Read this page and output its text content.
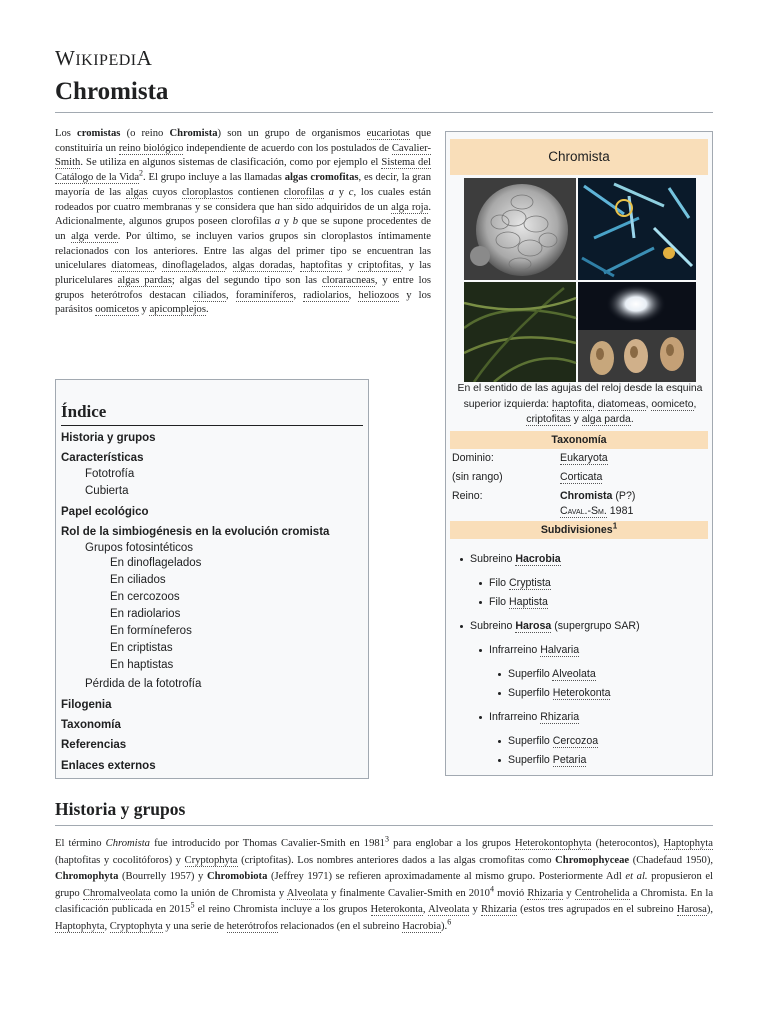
WIKIPEDIA
Chromista

Los cromistas (o reino Chromista) son un grupo de organismos eucariotas que constituiría un reino biológico independiente de acuerdo con los postulados de Cavalier-Smith. Se utiliza en algunos sistemas de clasificación, como por ejemplo el Sistema del Catálogo de la Vida$^2$. El grupo incluye a las llamadas algas cromofitas, es decir, la gran mayoría de las algas cuyos cloroplastos contienen clorofilas a y c, los cuales están rodeados por cuatro membranas y se considera que han sido adquiridos de un alga roja. Adicionalmente, algunos grupos poseen clorofilas a y b que se supone procedentes de un alga verde. Por último, se incluyen varios grupos sin cloroplastos íntimamente relacionados con los anteriores. Entre las algas del primer tipo se encuentran las unicelulares diatomeas, dinoflagelados, algas doradas, haptofitas y criptofitas, y las pluricelulares algas pardas; algas del segundo tipo son las cloraracneas, y entre los grupos heterótrofos destacan ciliados, foraminíferos, radiolarios, heliozoos y los parásitos oomicetos y apicomplejos.

Chromista
En el sentido de las agujas del reloj desde la esquina superior izquierda: haptofita, diatomeas, oomiceto, criptofitas y alga parda.
Taxonomía
Dominio:	Eukaryota
(sin rango)	Corticata
Reino:	Chromista (P?)
Caval.-Sm. 1981
Subdivisiones$^1$
Subreino Hacrobia
Filo Cryptista
Filo Haptista
Subreino Harosa (supergrupo SAR)
Infrarreino Halvaria
Superfilo Alveolata
Superfilo Heterokonta
Infrarreino Rhizaria
Superfilo Cercozoa
Superfilo Petaria
Índice
Historia y grupos
Características
Fototrofía
Cubierta
Papel ecológico
Rol de la simbiogénesis en la evolución cromista
Grupos fotosintéticos
En dinoflagelados
En ciliados
En cercozoos
En radiolarios
En formíneferos
En criptistas
En haptistas
Pérdida de la fototrofía
Filogenia
Taxonomía
Referencias
Enlaces externos
Historia y grupos

El término Chromista fue introducido por Thomas Cavalier-Smith en 1981$^3$ para englobar a los grupos Heterokontophyta (heterocontos), Haptophyta (haptofitas y cocolitóforos) y Cryptophyta (criptofitas). Los nombres anteriores dados a las algas cromofitas como Chromophyceae (Chadefaud 1950), Chromophyta (Bourrelly 1957) y Chromobiota (Jeffrey 1971) se refieren aproximadamente al mismo grupo. Posteriormente Adl et al. propusieron el grupo Chromalveolata como la unión de Chromista y Alveolata y finalmente Cavalier-Smith en 2010$^4$ movió Rhizaria y Centrohelida a Chromista. En la clasificación publicada en 2015$^5$ el reino Chromista incluye a los grupos Heterokonta, Alveolata y Rhizaria (estos tres agrupados en el subreino Harosa), Haptophyta, Cryptophyta y una serie de heterótrofos relacionados (en el subreino Hacrobia).$^6$
